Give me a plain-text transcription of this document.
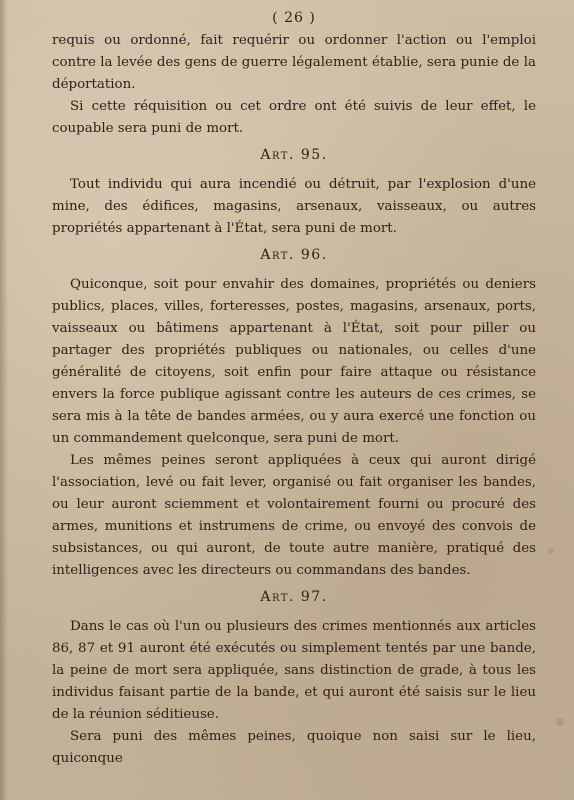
( 26 )

requis ou ordonné, fait requérir ou ordonner l'action ou l'emploi contre la levée des gens de guerre légalement établie, sera punie de la déportation.

Si cette réquisition ou cet ordre ont été suivis de leur effet, le coupable sera puni de mort.

Art. 95.

Tout individu qui aura incendié ou détruit, par l'explosion d'une mine, des édifices, magasins, arsenaux, vaisseaux, ou autres propriétés appartenant à l'État, sera puni de mort.

Art. 96.

Quiconque, soit pour envahir des domaines, propriétés ou deniers publics, places, villes, forteresses, postes, magasins, arsenaux, ports, vaisseaux ou bâtimens appartenant à l'État, soit pour piller ou partager des propriétés publiques ou nationales, ou celles d'une généralité de citoyens, soit enfin pour faire attaque ou résistance envers la force publique agissant contre les auteurs de ces crimes, se sera mis à la tête de bandes armées, ou y aura exercé une fonction ou un commandement quelconque, sera puni de mort.

Les mêmes peines seront appliquées à ceux qui auront dirigé l'association, levé ou fait lever, organisé ou fait organiser les bandes, ou leur auront sciemment et volontairement fourni ou procuré des armes, munitions et instrumens de crime, ou envoyé des convois de subsistances, ou qui auront, de toute autre manière, pratiqué des intelligences avec les directeurs ou commandans des bandes.

Art. 97.

Dans le cas où l'un ou plusieurs des crimes mentionnés aux articles 86, 87 et 91 auront été exécutés ou simplement tentés par une bande, la peine de mort sera appliquée, sans distinction de grade, à tous les individus faisant partie de la bande, et qui auront été saisis sur le lieu de la réunion séditieuse.

Sera puni des mêmes peines, quoique non saisi sur le lieu, quiconque
